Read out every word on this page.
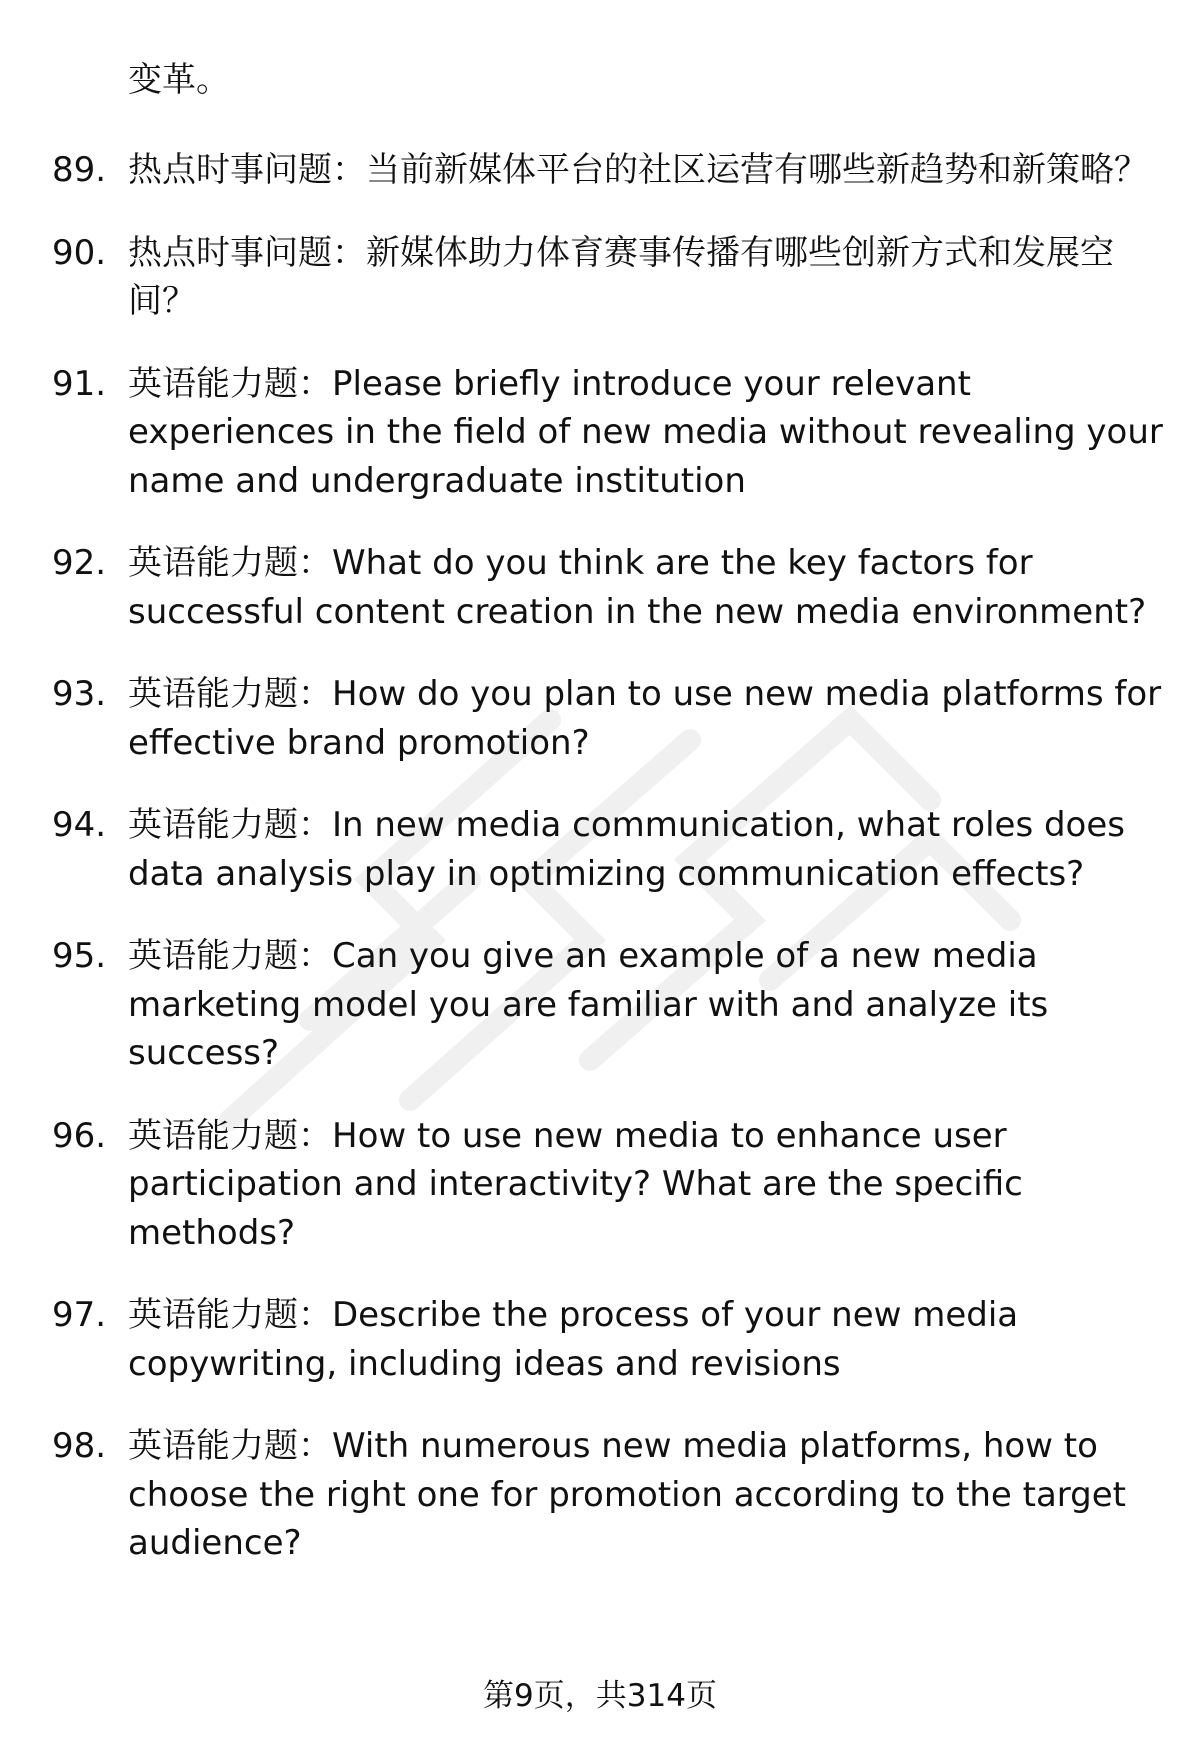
变革。

89. 热点时事问题：当前新媒体平台的社区运营有哪些新趋势和新策略？
90. 热点时事问题：新媒体助力体育赛事传播有哪些创新方式和发展空间？
91. 英语能力题：Please briefly introduce your relevant experiences in the field of new media without revealing your name and undergraduate institution
92. 英语能力题：What do you think are the key factors for successful content creation in the new media environment?
93. 英语能力题：How do you plan to use new media platforms for effective brand promotion?
94. 英语能力题：In new media communication, what roles does data analysis play in optimizing communication effects?
95. 英语能力题：Can you give an example of a new media marketing model you are familiar with and analyze its success?
96. 英语能力题：How to use new media to enhance user participation and interactivity? What are the specific methods?
97. 英语能力题：Describe the process of your new media copywriting, including ideas and revisions
98. 英语能力题：With numerous new media platforms, how to choose the right one for promotion according to the target audience?
第9页，共314页
